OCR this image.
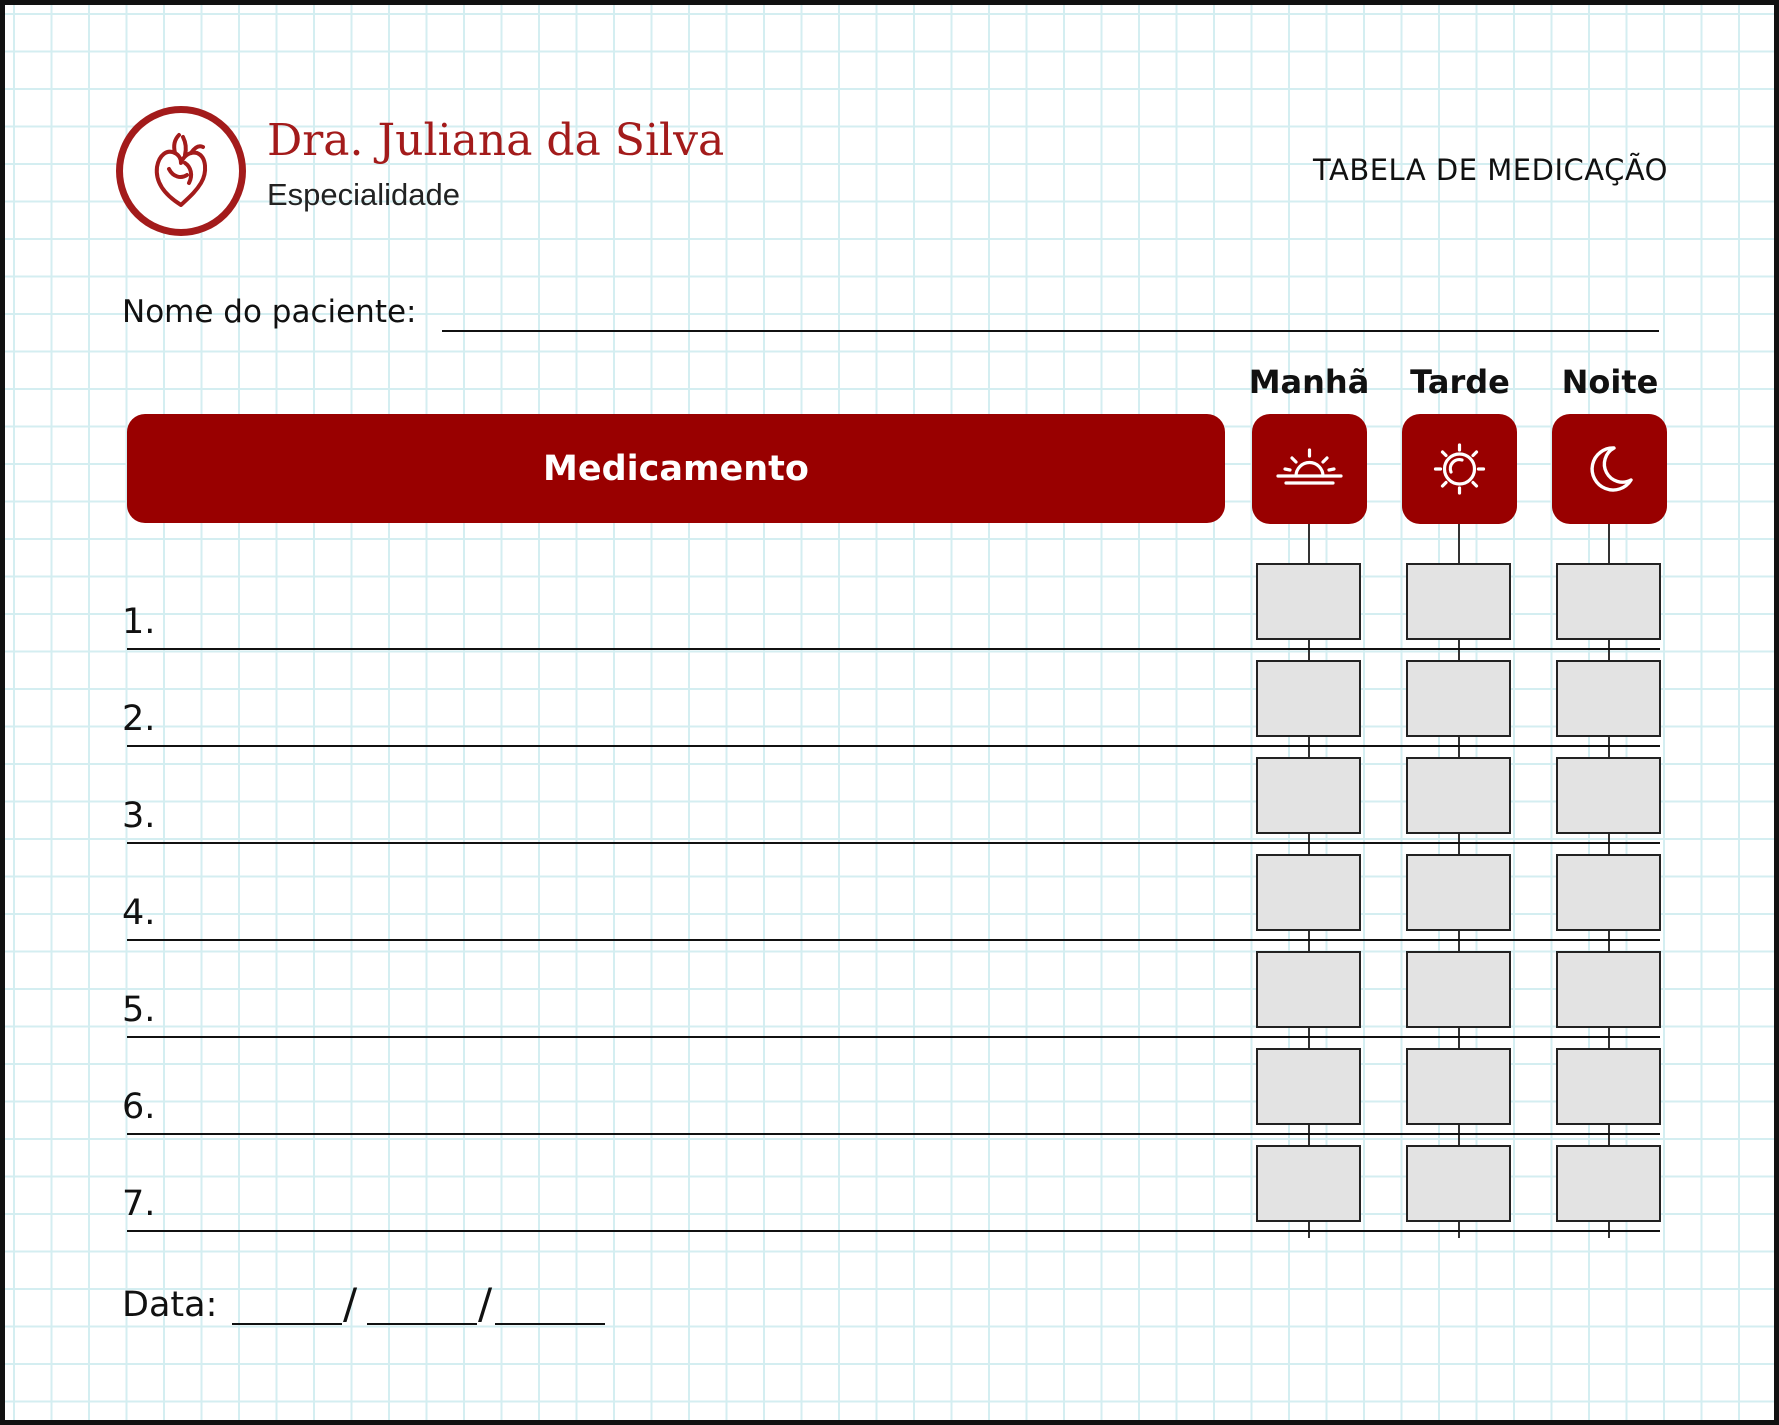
Dra. Juliana da Silva
Especialidade
TABELA DE MEDICAÇÃO
Nome do paciente:
Manhã	Tarde	Noite
Medicamento
1.
2.
3.
4.
5.
6.
7.
Data:	/	/
